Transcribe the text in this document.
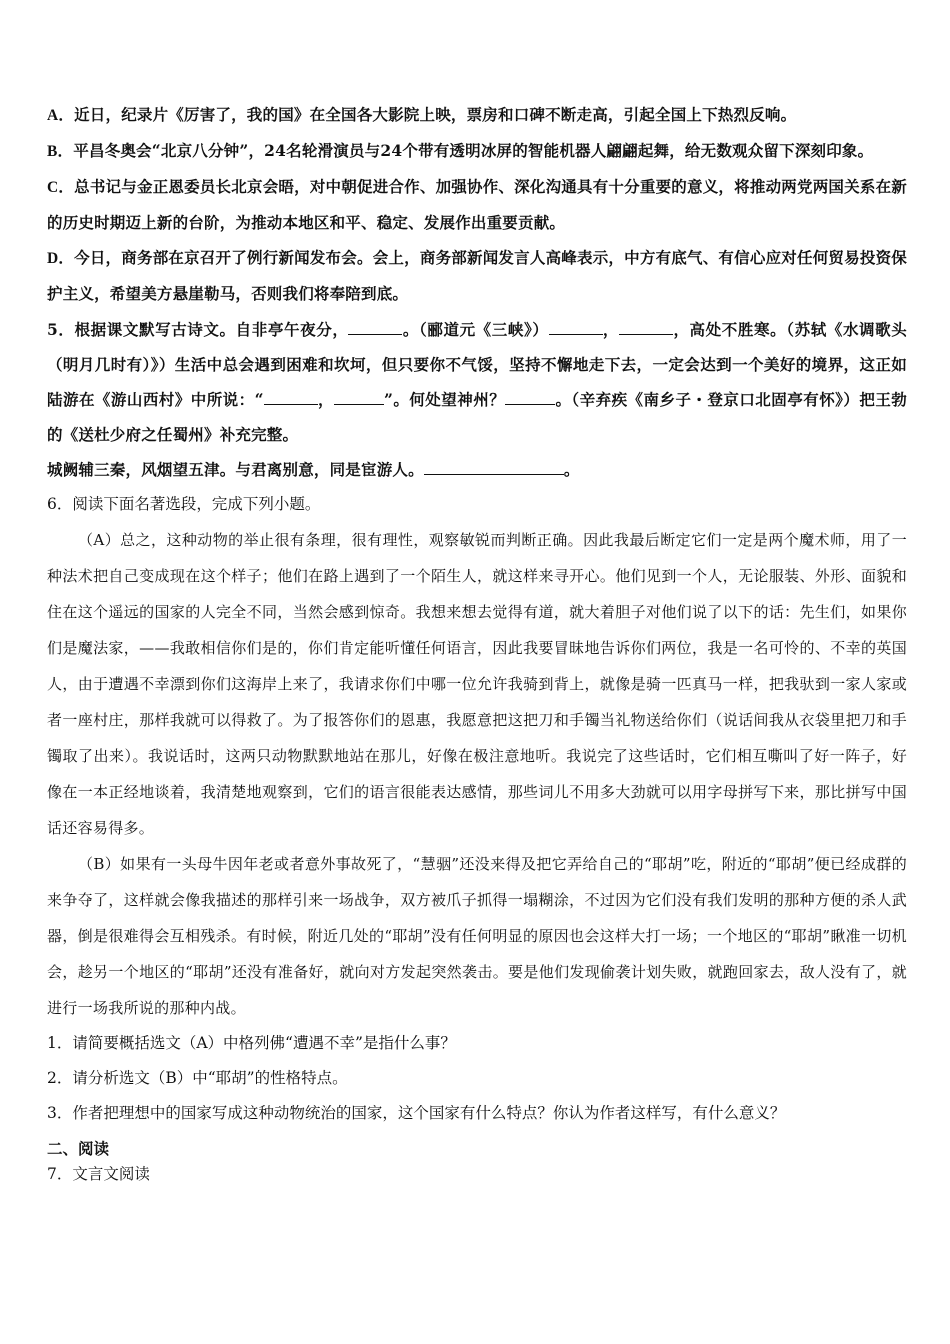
A．近日，纪录片《厉害了，我的国》在全国各大影院上映，票房和口碑不断走高，引起全国上下热烈反响。
B．平昌冬奥会“北京八分钟”，24名轮滑演员与24个带有透明冰屏的智能机器人翩翩起舞，给无数观众留下深刻印象。
C．总书记与金正恩委员长北京会晤，对中朝促进合作、加强协作、深化沟通具有十分重要的意义，将推动两党两国关系在新的历史时期迈上新的台阶，为推动本地区和平、稳定、发展作出重要贡献。
D．今日，商务部在京召开了例行新闻发布会。会上，商务部新闻发言人高峰表示，中方有底气、有信心应对任何贸易投资保护主义，希望美方悬崖勒马，否则我们将奉陪到底。
5．根据课文默写古诗文。自非亭午夜分，	。（郦道元《三峡》）	，	，高处不胜寒。（苏轼《水调歌头（明月几时有）》）生活中总会遇到困难和坎坷，但只要你不气馁，坚持不懈地走下去，一定会达到一个美好的境界，这正如陆游在《游山西村》中所说：“	，	”。何处望神州？	。（辛弃疾《南乡子・登京口北固亭有怀》）把王勃的《送杜少府之任蜀州》补充完整。
城阙辅三秦，风烟望五津。与君离别意，同是宦游人。	。
6．阅读下面名著选段，完成下列小题。
（A）总之，这种动物的举止很有条理，很有理性，观察敏锐而判断正确。因此我最后断定它们一定是两个魔术师，用了一种法术把自己变成现在这个样子；他们在路上遇到了一个陌生人，就这样来寻开心。他们见到一个人，无论服装、外形、面貌和住在这个遥远的国家的人完全不同，当然会感到惊奇。我想来想去觉得有道，就大着胆子对他们说了以下的话：先生们，如果你们是魔法家，——我敢相信你们是的，你们肯定能听懂任何语言，因此我要冒昧地告诉你们两位，我是一名可怜的、不幸的英国人，由于遭遇不幸漂到你们这海岸上来了，我请求你们中哪一位允许我骑到背上，就像是骑一匹真马一样，把我驮到一家人家或者一座村庄，那样我就可以得救了。为了报答你们的恩惠，我愿意把这把刀和手镯当礼物送给你们（说话间我从衣袋里把刀和手镯取了出来）。我说话时，这两只动物默默地站在那儿，好像在极注意地听。我说完了这些话时，它们相互嘶叫了好一阵子，好像在一本正经地谈着，我清楚地观察到，它们的语言很能表达感情，那些词儿不用多大劲就可以用字母拼写下来，那比拼写中国话还容易得多。
（B）如果有一头母牛因年老或者意外事故死了，“慧骃”还没来得及把它弄给自己的“耶胡”吃，附近的“耶胡”便已经成群的来争夺了，这样就会像我描述的那样引来一场战争，双方被爪子抓得一塌糊涂，不过因为它们没有我们发明的那种方便的杀人武器，倒是很难得会互相残杀。有时候，附近几处的“耶胡”没有任何明显的原因也会这样大打一场；一个地区的“耶胡”瞅准一切机会，趁另一个地区的“耶胡”还没有准备好，就向对方发起突然袭击。要是他们发现偷袭计划失败，就跑回家去，敌人没有了，就进行一场我所说的那种内战。
1．请简要概括选文（A）中格列佛“遭遇不幸”是指什么事？
2．请分析选文（B）中“耶胡”的性格特点。
3．作者把理想中的国家写成这种动物统治的国家，这个国家有什么特点？你认为作者这样写，有什么意义？
二、阅读
7．文言文阅读
